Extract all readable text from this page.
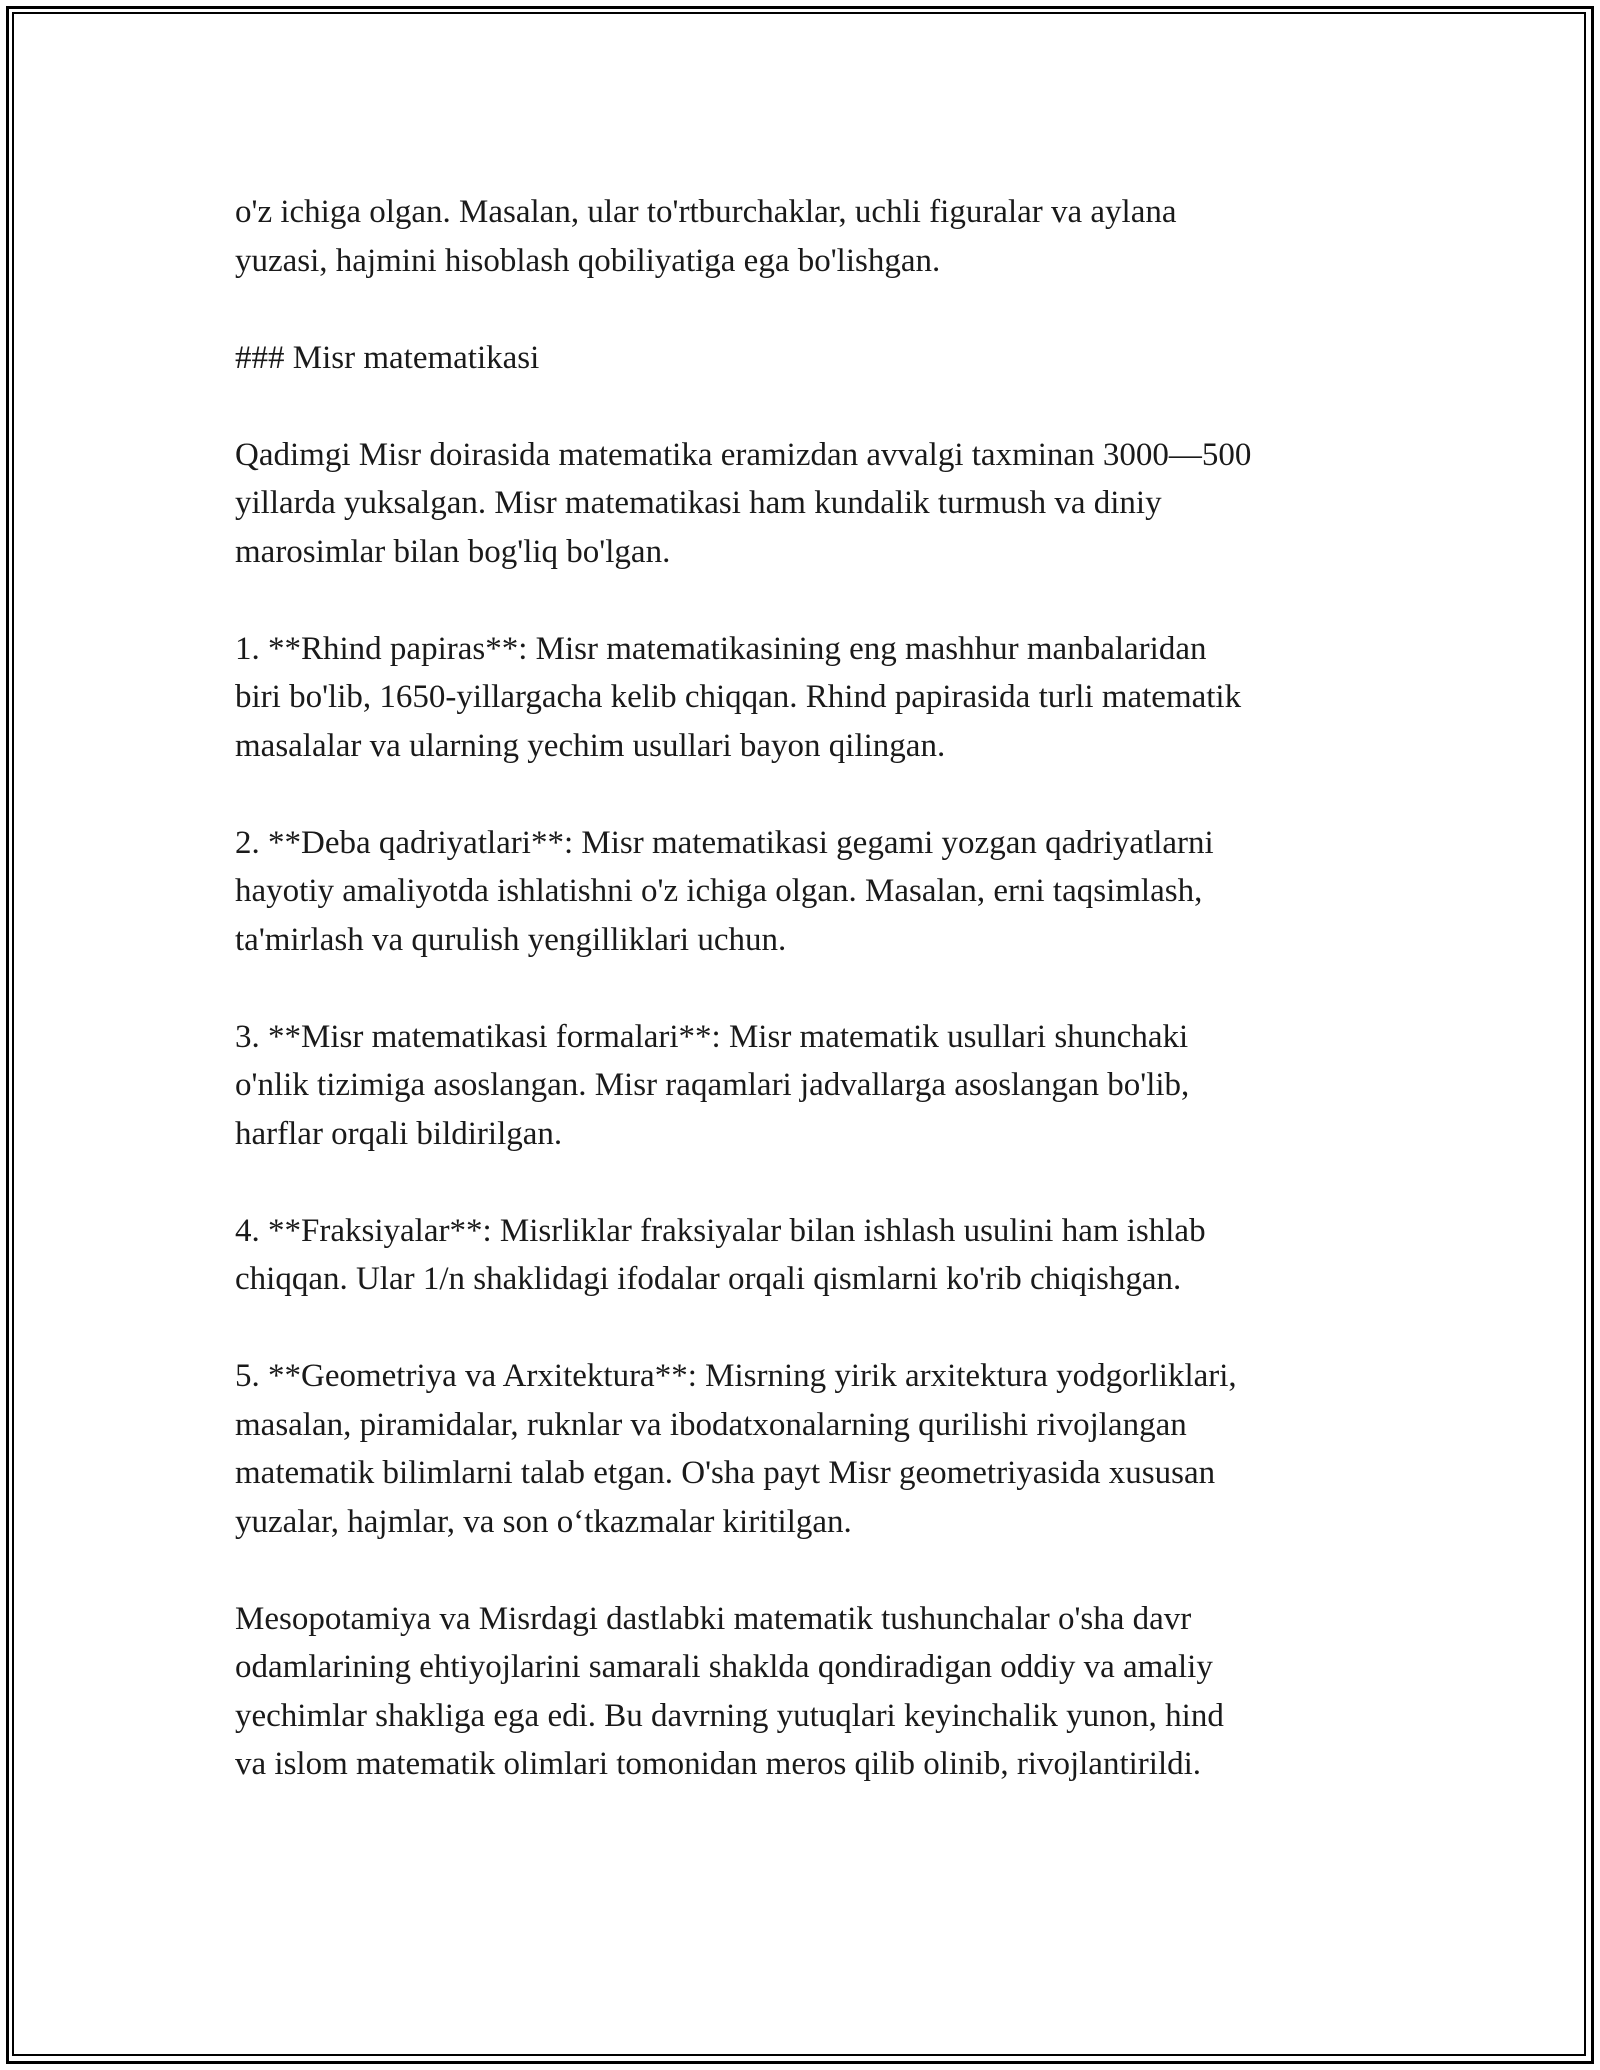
o'z ichiga olgan. Masalan, ular to'rtburchaklar, uchli figuralar va aylana
yuzasi, hajmini hisoblash qobiliyatiga ega bo'lishgan.

### Misr matematikasi

Qadimgi Misr doirasida matematika eramizdan avvalgi taxminan 3000—500
yillarda yuksalgan. Misr matematikasi ham kundalik turmush va diniy
marosimlar bilan bog'liq bo'lgan.

1. **Rhind papiras**: Misr matematikasining eng mashhur manbalaridan
biri bo'lib, 1650-yillargacha kelib chiqqan. Rhind papirasida turli matematik
masalalar va ularning yechim usullari bayon qilingan.

2. **Deba qadriyatlari**: Misr matematikasi gegami yozgan qadriyatlarni
hayotiy amaliyotda ishlatishni o'z ichiga olgan. Masalan, erni taqsimlash,
ta'mirlash va qurulish yengilliklari uchun.

3. **Misr matematikasi formalari**: Misr matematik usullari shunchaki
o'nlik tizimiga asoslangan. Misr raqamlari jadvallarga asoslangan bo'lib,
harflar orqali bildirilgan.

4. **Fraksiyalar**: Misrliklar fraksiyalar bilan ishlash usulini ham ishlab
chiqqan. Ular 1/n shaklidagi ifodalar orqali qismlarni ko'rib chiqishgan.

5. **Geometriya va Arxitektura**: Misrning yirik arxitektura yodgorliklari,
masalan, piramidalar, ruknlar va ibodatxonalarning qurilishi rivojlangan
matematik bilimlarni talab etgan. O'sha payt Misr geometriyasida xususan
yuzalar, hajmlar, va son o‘tkazmalar kiritilgan.

Mesopotamiya va Misrdagi dastlabki matematik tushunchalar o'sha davr
odamlarining ehtiyojlarini samarali shaklda qondiradigan oddiy va amaliy
yechimlar shakliga ega edi. Bu davrning yutuqlari keyinchalik yunon, hind
va islom matematik olimlari tomonidan meros qilib olinib, rivojlantirildi.
